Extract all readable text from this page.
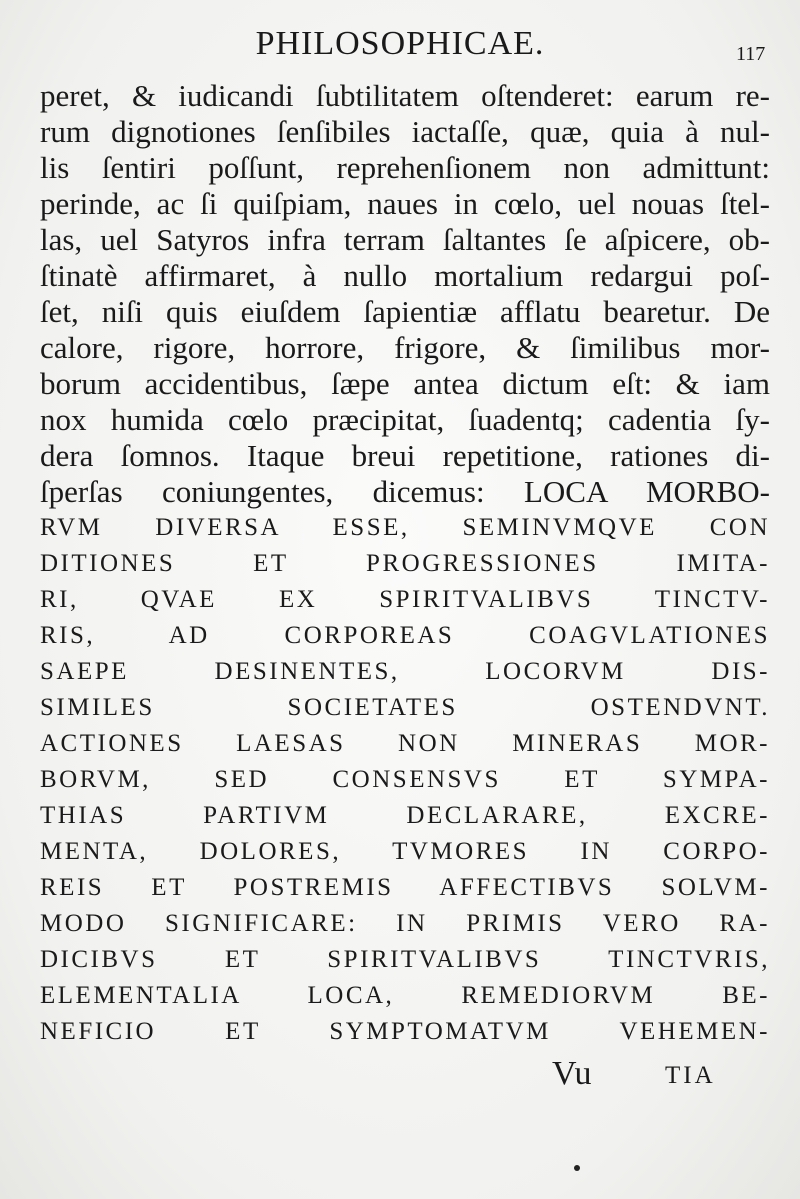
PHILOSOPHICAE.	117
peret, & iudicandi ſubtilitatem oſtenderet: earum re-
rum dignotiones ſenſibiles iactaſſe, quæ, quia à nul-
lis ſentiri poſſunt, reprehenſionem non admittunt:
perinde, ac ſi quiſpiam, naues in cœlo, uel nouas ſtel-
las, uel Satyros infra terram ſaltantes ſe aſpicere, ob-
ſtinatè affirmaret, à nullo mortalium redargui poſ-
ſet, niſi quis eiuſdem ſapientiæ afflatu bearetur. De
calore, rigore, horrore, frigore, & ſimilibus mor-
borum accidentibus, ſæpe antea dictum eſt: & iam
nox humida cœlo præcipitat, ſuadentq; cadentia ſy-
dera ſomnos. Itaque breui repetitione, rationes di-
ſperſas coniungentes, dicemus: LOCA MORBO-
RVM DIVERSA ESSE, SEMINVMQVE CON
DITIONES ET PROGRESSIONES IMITA-
RI, QVAE EX SPIRITVALIBVS TINCTV-
RIS, AD CORPOREAS COAGVLATIONES
SAEPE DESINENTES, LOCORVM DIS-
SIMILES SOCIETATES OSTENDVNT.
ACTIONES LAESAS NON MINERAS MOR-
BORVM, SED CONSENSVS ET SYMPA-
THIAS PARTIVM DECLARARE, EXCRE-
MENTA, DOLORES, TVMORES IN CORPO-
REIS ET POSTREMIS AFFECTIBVS SOLVM-
MODO SIGNIFICARE: IN PRIMIS VERO RA-
DICIBVS ET SPIRITVALIBVS TINCTVRIS,
ELEMENTALIA LOCA, REMEDIORVM BE-
NEFICIO ET SYMPTOMATVM VEHEMEN-
Vu	TIA
